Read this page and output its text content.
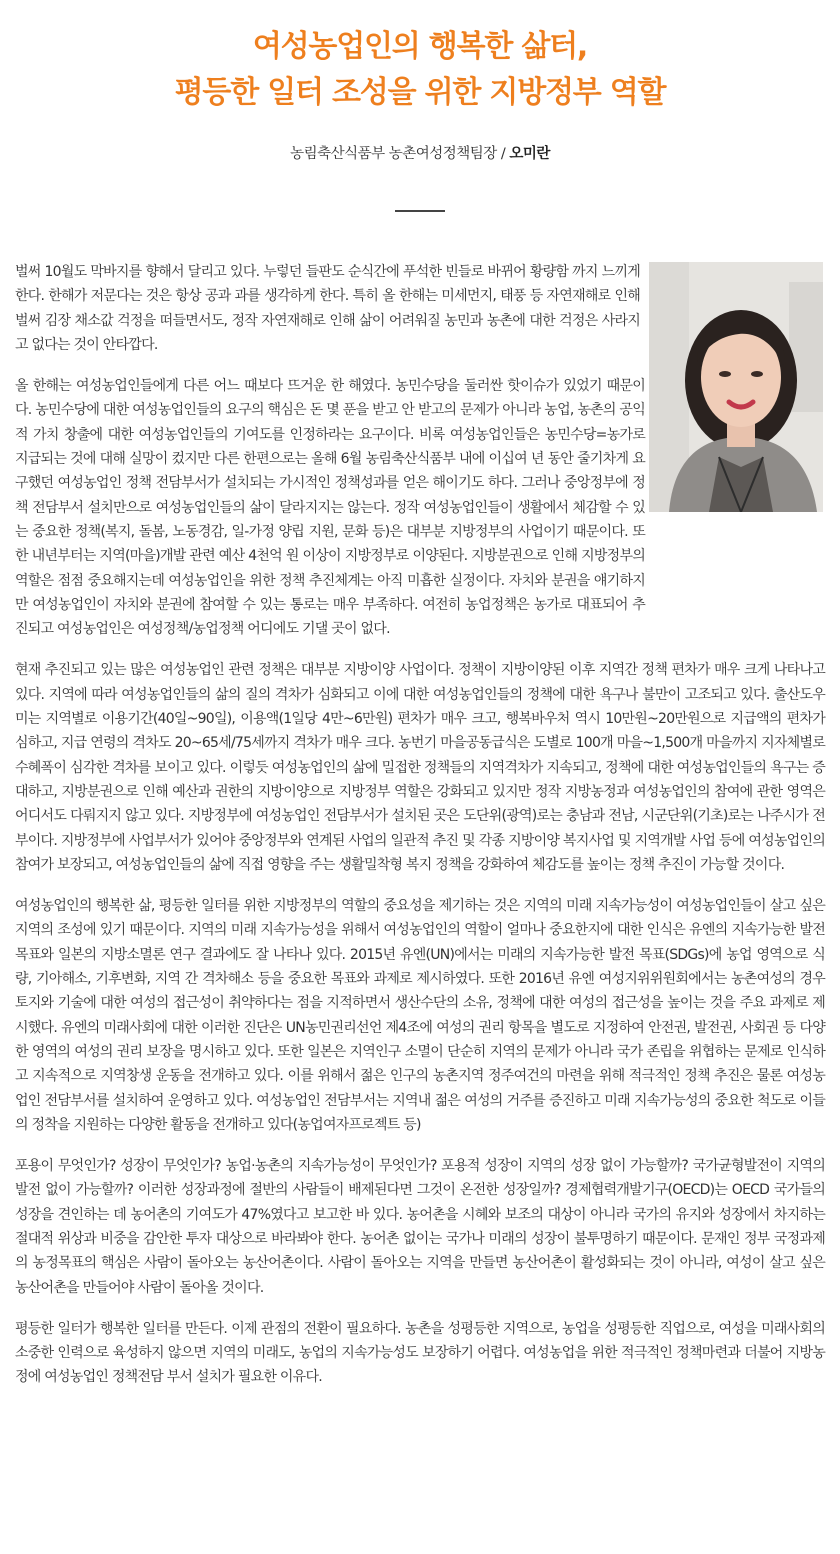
여성농업인의 행복한 삶터,
평등한 일터 조성을 위한 지방정부 역할
농림축산식품부 농촌여성정책팀장 / 오미란

벌써 10월도 막바지를 향해서 달리고 있다. 누렇던 들판도 순식간에 푸석한 빈들로 바뀌어 황량함 까지 느끼게 한다. 한해가 저문다는 것은 항상 공과 과를 생각하게 한다. 특히 올 한해는 미세먼지, 태풍 등 자연재해로 인해 벌써 김장 채소값 걱정을 떠들면서도, 정작 자연재해로 인해 삶이 어려워질 농민과 농촌에 대한 걱정은 사라지고 없다는 것이 안타깝다.

올 한해는 여성농업인들에게 다른 어느 때보다 뜨거운 한 해였다. 농민수당을 둘러싼 핫이슈가 있었기 때문이다. 농민수당에 대한 여성농업인들의 요구의 핵심은 돈 몇 푼을 받고 안 받고의 문제가 아니라 농업, 농촌의 공익적 가치 창출에 대한 여성농업인들의 기여도를 인정하라는 요구이다. 비록 여성농업인들은 농민수당=농가로 지급되는 것에 대해 실망이 컸지만 다른 한편으로는 올해 6월 농림축산식품부 내에 이십여 년 동안 줄기차게 요구했던 여성농업인 정책 전담부서가 설치되는 가시적인 정책성과를 얻은 해이기도 하다. 그러나 중앙정부에 정책 전담부서 설치만으로 여성농업인들의 삶이 달라지지는 않는다. 정작 여성농업인들이 생활에서 체감할 수 있는 중요한 정책(복지, 돌봄, 노동경감, 일-가정 양립 지원, 문화 등)은 대부분 지방정부의 사업이기 때문이다. 또한 내년부터는 지역(마을)개발 관련 예산 4천억 원 이상이 지방정부로 이양된다. 지방분권으로 인해 지방정부의 역할은 점점 중요해지는데 여성농업인을 위한 정책 추진체계는 아직 미흡한 실정이다. 자치와 분권을 얘기하지만 여성농업인이 자치와 분권에 참여할 수 있는 통로는 매우 부족하다. 여전히 농업정책은 농가로 대표되어 추진되고 여성농업인은 여성정책/농업정책 어디에도 기댈 곳이 없다.

현재 추진되고 있는 많은 여성농업인 관련 정책은 대부분 지방이양 사업이다. 정책이 지방이양된 이후 지역간 정책 편차가 매우 크게 나타나고 있다. 지역에 따라 여성농업인들의 삶의 질의 격차가 심화되고 이에 대한 여성농업인들의 정책에 대한 욕구나 불만이 고조되고 있다. 출산도우미는 지역별로 이용기간(40일~90일), 이용액(1일당 4만~6만원) 편차가 매우 크고, 행복바우처 역시 10만원~20만원으로 지급액의 편차가 심하고, 지급 연령의 격차도 20~65세/75세까지 격차가 매우 크다. 농번기 마을공동급식은 도별로 100개 마을~1,500개 마을까지 지자체별로 수혜폭이 심각한 격차를 보이고 있다. 이렇듯 여성농업인의 삶에 밀접한 정책들의 지역격차가 지속되고, 정책에 대한 여성농업인들의 욕구는 증대하고, 지방분권으로 인해 예산과 권한의 지방이양으로 지방정부 역할은 강화되고 있지만 정작 지방농정과 여성농업인의 참여에 관한 영역은 어디서도 다뤄지지 않고 있다. 지방정부에 여성농업인 전담부서가 설치된 곳은 도단위(광역)로는 충남과 전남, 시군단위(기초)로는 나주시가 전부이다. 지방정부에 사업부서가 있어야 중앙정부와 연계된 사업의 일관적 추진 및 각종 지방이양 복지사업 및 지역개발 사업 등에 여성농업인의 참여가 보장되고, 여성농업인들의 삶에 직접 영향을 주는 생활밀착형 복지 정책을 강화하여 체감도를 높이는 정책 추진이 가능할 것이다.

여성농업인의 행복한 삶, 평등한 일터를 위한 지방정부의 역할의 중요성을 제기하는 것은 지역의 미래 지속가능성이 여성농업인들이 살고 싶은 지역의 조성에 있기 때문이다. 지역의 미래 지속가능성을 위해서 여성농업인의 역할이 얼마나 중요한지에 대한 인식은 유엔의 지속가능한 발전목표와 일본의 지방소멸론 연구 결과에도 잘 나타나 있다. 2015년 유엔(UN)에서는 미래의 지속가능한 발전 목표(SDGs)에 농업 영역으로 식량, 기아해소, 기후변화, 지역 간 격차해소 등을 중요한 목표와 과제로 제시하였다. 또한 2016년 유엔 여성지위위원회에서는 농촌여성의 경우 토지와 기술에 대한 여성의 접근성이 취약하다는 점을 지적하면서 생산수단의 소유, 정책에 대한 여성의 접근성을 높이는 것을 주요 과제로 제시했다. 유엔의 미래사회에 대한 이러한 진단은 UN농민권리선언 제4조에 여성의 권리 항목을 별도로 지정하여 안전권, 발전권, 사회권 등 다양한 영역의 여성의 권리 보장을 명시하고 있다. 또한 일본은 지역인구 소멸이 단순히 지역의 문제가 아니라 국가 존립을 위협하는 문제로 인식하고 지속적으로 지역창생 운동을 전개하고 있다. 이를 위해서 젊은 인구의 농촌지역 정주여건의 마련을 위해 적극적인 정책 추진은 물론 여성농업인 전담부서를 설치하여 운영하고 있다. 여성농업인 전담부서는 지역내 젊은 여성의 거주를 증진하고 미래 지속가능성의 중요한 척도로 이들의 정착을 지원하는 다양한 활동을 전개하고 있다(농업여자프로젝트 등)

포용이 무엇인가? 성장이 무엇인가? 농업·농촌의 지속가능성이 무엇인가? 포용적 성장이 지역의 성장 없이 가능할까? 국가균형발전이 지역의 발전 없이 가능할까? 이러한 성장과정에 절반의 사람들이 배제된다면 그것이 온전한 성장일까? 경제협력개발기구(OECD)는 OECD 국가들의 성장을 견인하는 데 농어촌의 기여도가 47%였다고 보고한 바 있다. 농어촌을 시혜와 보조의 대상이 아니라 국가의 유지와 성장에서 차지하는 절대적 위상과 비중을 감안한 투자 대상으로 바라봐야 한다. 농어촌 없이는 국가나 미래의 성장이 불투명하기 때문이다. 문재인 정부 국정과제의 농정목표의 핵심은 사람이 돌아오는 농산어촌이다. 사람이 돌아오는 지역을 만들면 농산어촌이 활성화되는 것이 아니라, 여성이 살고 싶은 농산어촌을 만들어야 사람이 돌아올 것이다.

평등한 일터가 행복한 일터를 만든다. 이제 관점의 전환이 필요하다. 농촌을 성평등한 지역으로, 농업을 성평등한 직업으로, 여성을 미래사회의 소중한 인력으로 육성하지 않으면 지역의 미래도, 농업의 지속가능성도 보장하기 어렵다. 여성농업을 위한 적극적인 정책마련과 더불어 지방농정에 여성농업인 정책전담 부서 설치가 필요한 이유다.
